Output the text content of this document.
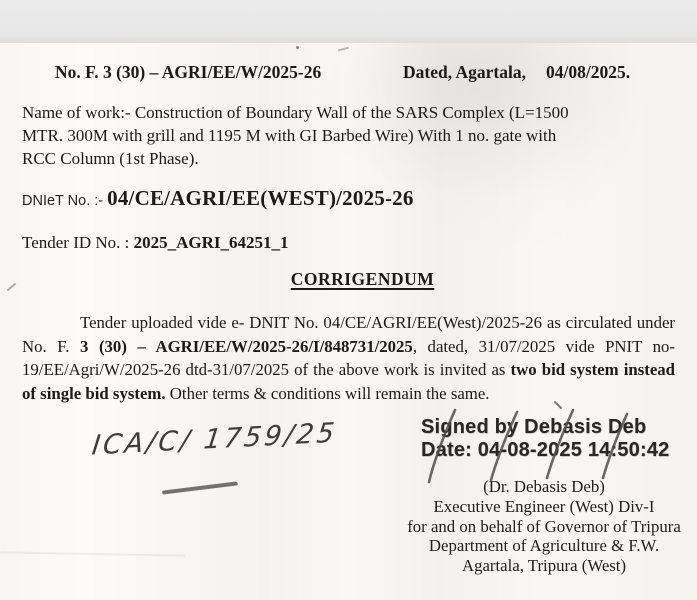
No. F. 3 (30) – AGRI/EE/W/2025-26	Dated, Agartala, 04/08/2025.
Name of work:- Construction of Boundary Wall of the SARS Complex (L=1500
MTR. 300M with grill and 1195 M with GI Barbed Wire) With 1 no. gate with
RCC Column (1st Phase).
DNIeT No. :- 04/CE/AGRI/EE(WEST)/2025-26
Tender ID No. : 2025_AGRI_64251_1
CORRIGENDUM
Tender uploaded vide e- DNIT No. 04/CE/AGRI/EE(West)/2025-26 as circulated under No. F. 3 (30) – AGRI/EE/W/2025-26/I/848731/2025, dated, 31/07/2025 vide PNIT no-19/EE/Agri/W/2025-26 dtd-31/07/2025 of the above work is invited as two bid system instead of single bid system. Other terms & conditions will remain the same.
ICA/C/ 1759/25	Signed by Debasis Deb
Date: 04-08-2025 14:50:42
(Dr. Debasis Deb)
Executive Engineer (West) Div-I
for and on behalf of Governor of Tripura
Department of Agriculture & F.W.
Agartala, Tripura (West)
